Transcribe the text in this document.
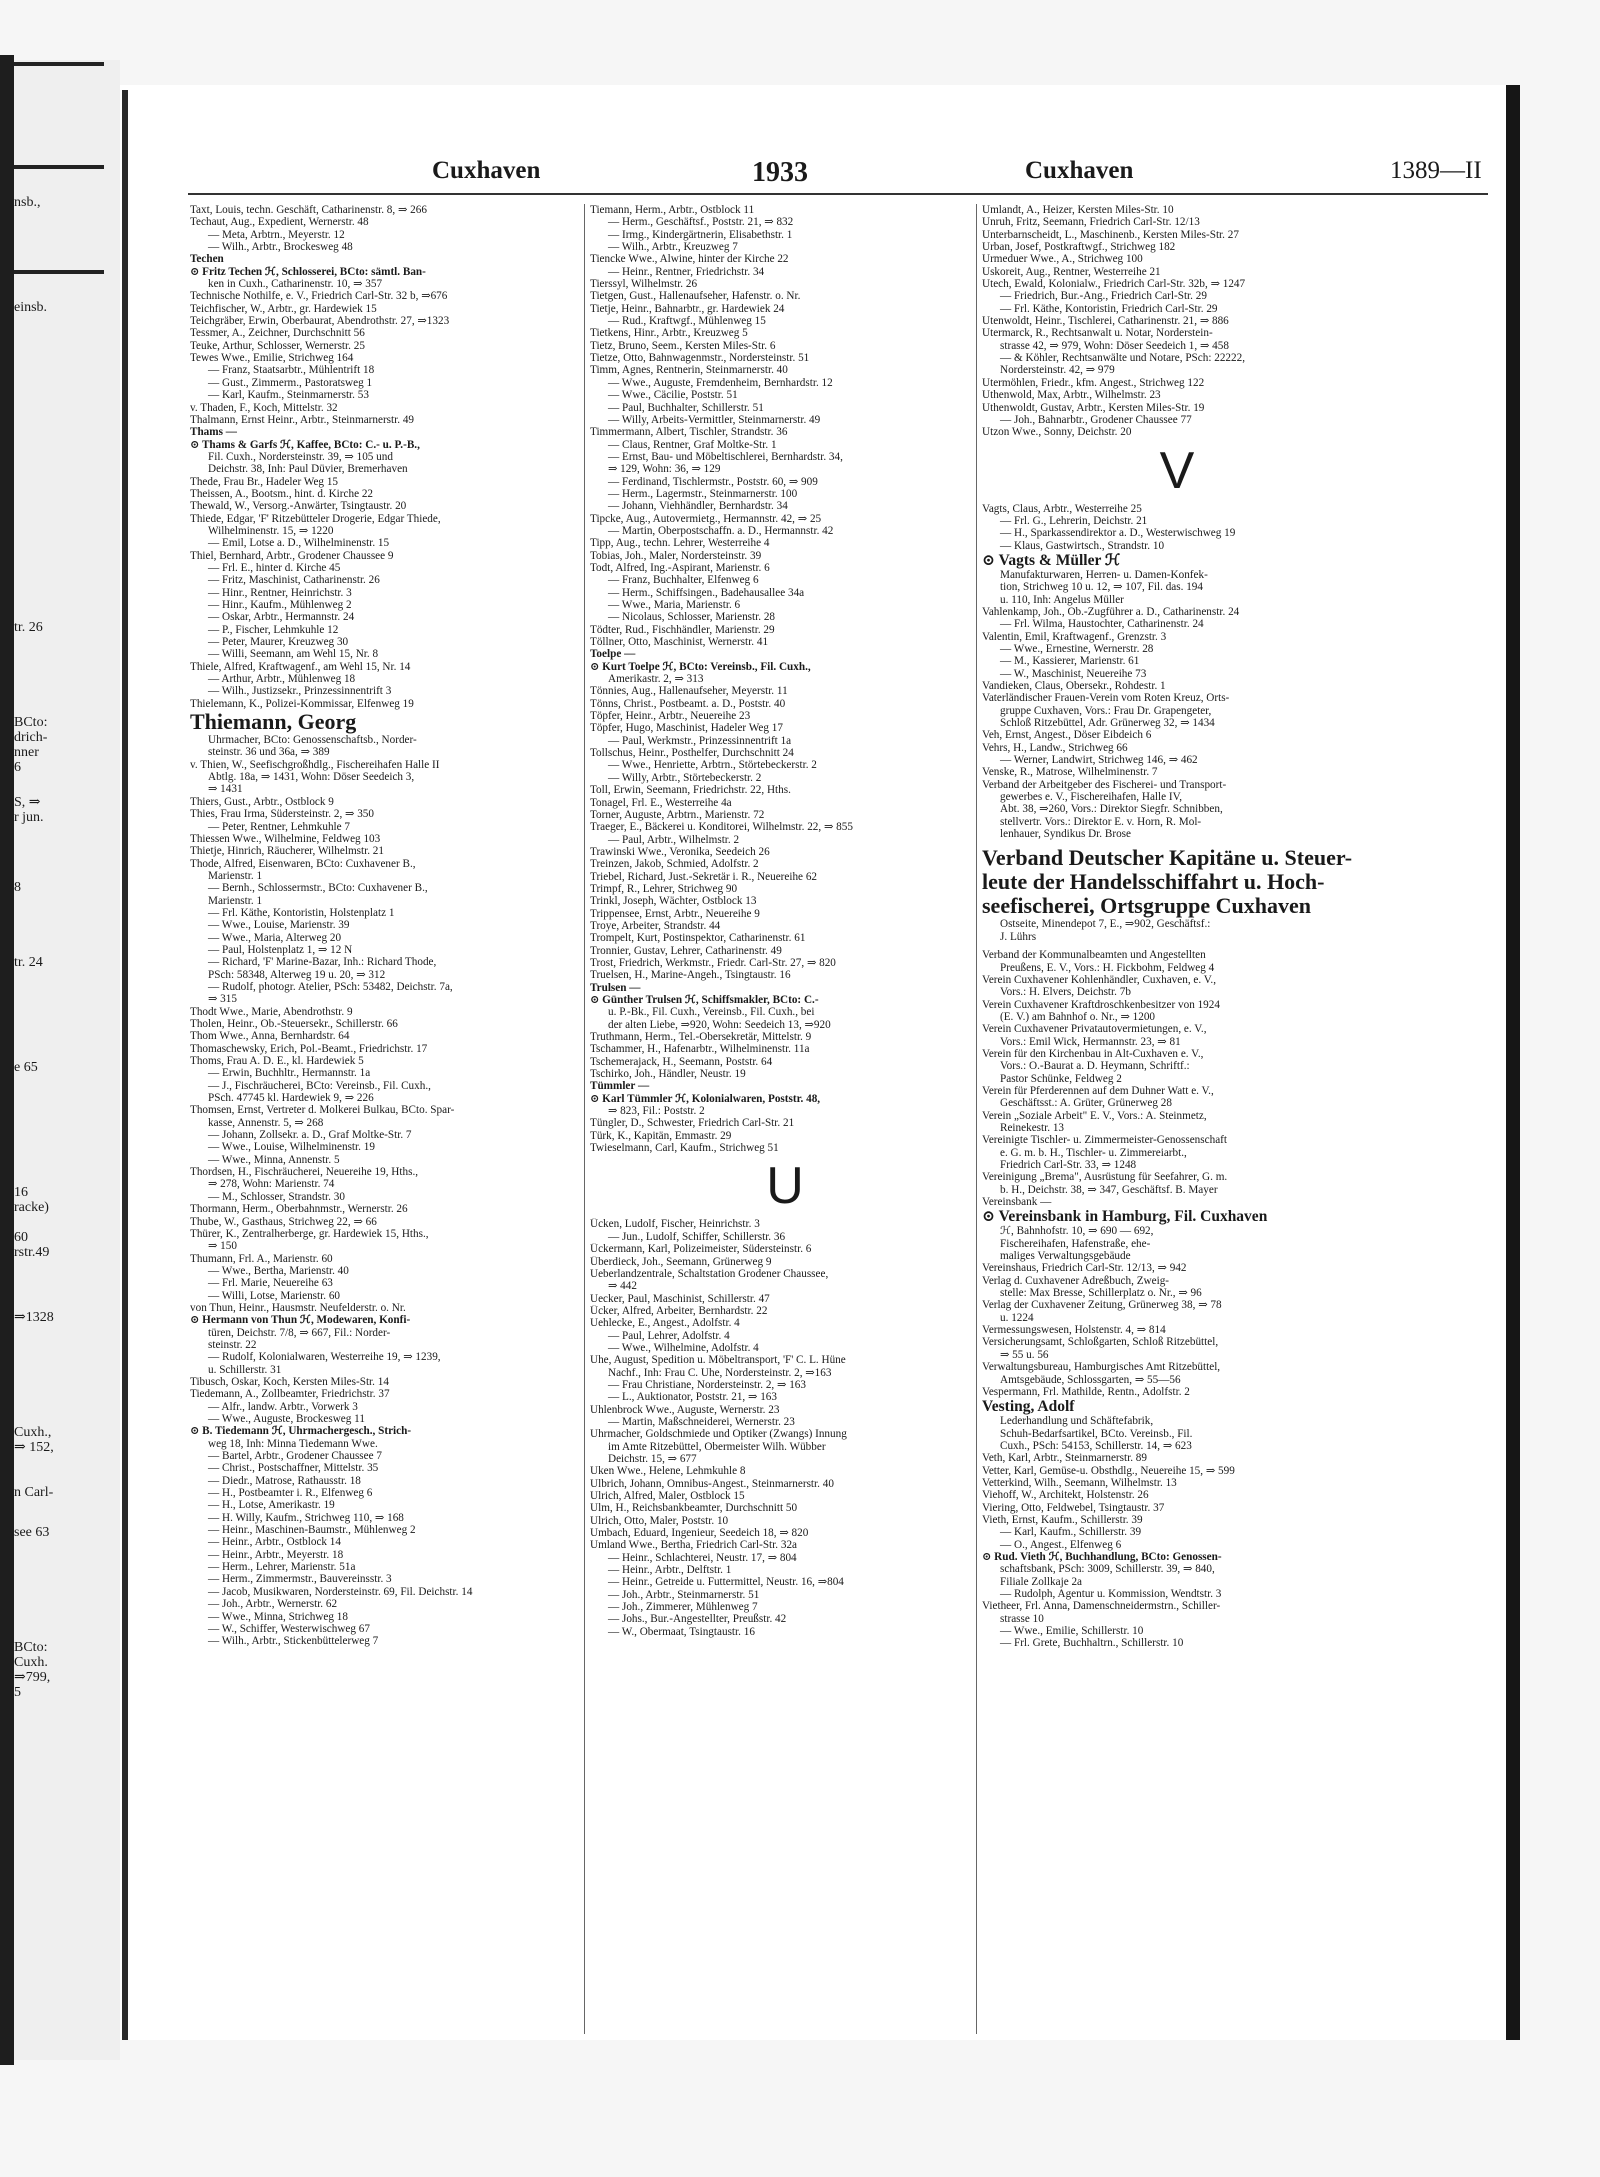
nsb.,
einsb.
tr. 26
BCto:
drich-
nner
6
S, ⇒
r jun.
8
tr. 24
e 65
16
racke)
60
rstr.49
⇒1328
Cuxh.,
⇒ 152,
n Carl-
see 63
BCto:
Cuxh.
⇒799,
5
Cuxhaven	1933	Cuxhaven	1389—II
Taxt, Louis, techn. Geschäft, Catharinenstr. 8, ⇒ 266
Techaut, Aug., Expedient, Wernerstr. 48
— Meta, Arbtrn., Meyerstr. 12
— Wilh., Arbtr., Brockesweg 48
Techen
⊙ Fritz Techen ℋ, Schlosserei, BCto: sämtl. Ban-
ken in Cuxh., Catharinenstr. 10, ⇒ 357
Technische Nothilfe, e. V., Friedrich Carl-Str. 32 b, ⇒676
Teichfischer, W., Arbtr., gr. Hardewiek 15
Teichgräber, Erwin, Oberbaurat, Abendrothstr. 27, ⇒1323
Tessmer, A., Zeichner, Durchschnitt 56
Teuke, Arthur, Schlosser, Wernerstr. 25
Tewes Wwe., Emilie, Strichweg 164
— Franz, Staatsarbtr., Mühlentrift 18
— Gust., Zimmerm., Pastoratsweg 1
— Karl, Kaufm., Steinmarnerstr. 53
v. Thaden, F., Koch, Mittelstr. 32
Thalmann, Ernst Heinr., Arbtr., Steinmarnerstr. 49
Thams —
⊙ Thams & Garfs ℋ, Kaffee, BCto: C.- u. P.-B.,
Fil. Cuxh., Nordersteinstr. 39, ⇒ 105 und
Deichstr. 38, Inh: Paul Düvier, Bremerhaven
Thede, Frau Br., Hadeler Weg 15
Theissen, A., Bootsm., hint. d. Kirche 22
Thewald, W., Versorg.-Anwärter, Tsingtaustr. 20
Thiede, Edgar, 'F' Ritzebütteler Drogerie, Edgar Thiede,
Wilhelminenstr. 15, ⇒ 1220
— Emil, Lotse a. D., Wilhelminenstr. 15
Thiel, Bernhard, Arbtr., Grodener Chaussee 9
— Frl. E., hinter d. Kirche 45
— Fritz, Maschinist, Catharinenstr. 26
— Hinr., Rentner, Heinrichstr. 3
— Hinr., Kaufm., Mühlenweg 2
— Oskar, Arbtr., Hermannstr. 24
— P., Fischer, Lehmkuhle 12
— Peter, Maurer, Kreuzweg 30
— Willi, Seemann, am Wehl 15, Nr. 8
Thiele, Alfred, Kraftwagenf., am Wehl 15, Nr. 14
— Arthur, Arbtr., Mühlenweg 18
— Wilh., Justizsekr., Prinzessinnentrift 3
Thielemann, K., Polizei-Kommissar, Elfenweg 19
Thiemann, Georg
Uhrmacher, BCto: Genossenschaftsb., Norder-
steinstr. 36 und 36a, ⇒ 389
v. Thien, W., Seefischgroßhdlg., Fischereihafen Halle II
Abtlg. 18a, ⇒ 1431, Wohn: Döser Seedeich 3,
⇒ 1431
Thiers, Gust., Arbtr., Ostblock 9
Thies, Frau Irma, Südersteinstr. 2, ⇒ 350
— Peter, Rentner, Lehmkuhle 7
Thiessen Wwe., Wilhelmine, Feldweg 103
Thietje, Hinrich, Räucherer, Wilhelmstr. 21
Thode, Alfred, Eisenwaren, BCto: Cuxhavener B.,
Marienstr. 1
— Bernh., Schlossermstr., BCto: Cuxhavener B.,
Marienstr. 1
— Frl. Käthe, Kontoristin, Holstenplatz 1
— Wwe., Louise, Marienstr. 39
— Wwe., Maria, Alterweg 20
— Paul, Holstenplatz 1, ⇒ 12 N
— Richard, 'F' Marine-Bazar, Inh.: Richard Thode,
PSch: 58348, Alterweg 19 u. 20, ⇒ 312
— Rudolf, photogr. Atelier, PSch: 53482, Deichstr. 7a,
⇒ 315
Thodt Wwe., Marie, Abendrothstr. 9
Tholen, Heinr., Ob.-Steuersekr., Schillerstr. 66
Thom Wwe., Anna, Bernhardstr. 64
Thomaschewsky, Erich, Pol.-Beamt., Friedrichstr. 17
Thoms, Frau A. D. E., kl. Hardewiek 5
— Erwin, Buchhltr., Hermannstr. 1a
— J., Fischräucherei, BCto: Vereinsb., Fil. Cuxh.,
PSch. 47745 kl. Hardewiek 9, ⇒ 226
Thomsen, Ernst, Vertreter d. Molkerei Bulkau, BCto. Spar-
kasse, Annenstr. 5, ⇒ 268
— Johann, Zollsekr. a. D., Graf Moltke-Str. 7
— Wwe., Louise, Wilhelminenstr. 19
— Wwe., Minna, Annenstr. 5
Thordsen, H., Fischräucherei, Neuereihe 19, Hths.,
⇒ 278, Wohn: Marienstr. 74
— M., Schlosser, Strandstr. 30
Thormann, Herm., Oberbahnmstr., Wernerstr. 26
Thube, W., Gasthaus, Strichweg 22, ⇒ 66
Thürer, K., Zentralherberge, gr. Hardewiek 15, Hths.,
⇒ 150
Thumann, Frl. A., Marienstr. 60
— Wwe., Bertha, Marienstr. 40
— Frl. Marie, Neuereihe 63
— Willi, Lotse, Marienstr. 60
von Thun, Heinr., Hausmstr. Neufelderstr. o. Nr.
⊙ Hermann von Thun ℋ, Modewaren, Konfi-
türen, Deichstr. 7/8, ⇒ 667, Fil.: Norder-
steinstr. 22
— Rudolf, Kolonialwaren, Westerreihe 19, ⇒ 1239,
u. Schillerstr. 31
Tibusch, Oskar, Koch, Kersten Miles-Str. 14
Tiedemann, A., Zollbeamter, Friedrichstr. 37
— Alfr., landw. Arbtr., Vorwerk 3
— Wwe., Auguste, Brockesweg 11
⊙ B. Tiedemann ℋ, Uhrmachergesch., Strich-
weg 18, Inh: Minna Tiedemann Wwe.
— Bartel, Arbtr., Grodener Chaussee 7
— Christ., Postschaffner, Mittelstr. 35
— Diedr., Matrose, Rathausstr. 18
— H., Postbeamter i. R., Elfenweg 6
— H., Lotse, Amerikastr. 19
— H. Willy, Kaufm., Strichweg 110, ⇒ 168
— Heinr., Maschinen-Baumstr., Mühlenweg 2
— Heinr., Arbtr., Ostblock 14
— Heinr., Arbtr., Meyerstr. 18
— Herm., Lehrer, Marienstr. 51a
— Herm., Zimmermstr., Bauvereinsstr. 3
— Jacob, Musikwaren, Nordersteinstr. 69, Fil. Deichstr. 14
— Joh., Arbtr., Wernerstr. 62
— Wwe., Minna, Strichweg 18
— W., Schiffer, Westerwischweg 67
— Wilh., Arbtr., Stickenbüttelerweg 7
Tiemann, Herm., Arbtr., Ostblock 11
— Herm., Geschäftsf., Poststr. 21, ⇒ 832
— Irmg., Kindergärtnerin, Elisabethstr. 1
— Wilh., Arbtr., Kreuzweg 7
Tiencke Wwe., Alwine, hinter der Kirche 22
— Heinr., Rentner, Friedrichstr. 34
Tierssyl, Wilhelmstr. 26
Tietgen, Gust., Hallenaufseher, Hafenstr. o. Nr.
Tietje, Heinr., Bahnarbtr., gr. Hardewiek 24
— Rud., Kraftwgf., Mühlenweg 15
Tietkens, Hinr., Arbtr., Kreuzweg 5
Tietz, Bruno, Seem., Kersten Miles-Str. 6
Tietze, Otto, Bahnwagenmstr., Nordersteinstr. 51
Timm, Agnes, Rentnerin, Steinmarnerstr. 40
— Wwe., Auguste, Fremdenheim, Bernhardstr. 12
— Wwe., Cäcilie, Poststr. 51
— Paul, Buchhalter, Schillerstr. 51
— Willy, Arbeits-Vermittler, Steinmarnerstr. 49
Timmermann, Albert, Tischler, Strandstr. 36
— Claus, Rentner, Graf Moltke-Str. 1
— Ernst, Bau- und Möbeltischlerei, Bernhardstr. 34,
⇒ 129, Wohn: 36, ⇒ 129
— Ferdinand, Tischlermstr., Poststr. 60, ⇒ 909
— Herm., Lagermstr., Steinmarnerstr. 100
— Johann, Viehhändler, Bernhardstr. 34
Tipcke, Aug., Autovermietg., Hermannstr. 42, ⇒ 25
— Martin, Oberpostschaffn. a. D., Hermannstr. 42
Tipp, Aug., techn. Lehrer, Westerreihe 4
Tobias, Joh., Maler, Nordersteinstr. 39
Todt, Alfred, Ing.-Aspirant, Marienstr. 6
— Franz, Buchhalter, Elfenweg 6
— Herm., Schiffsingen., Badehausallee 34a
— Wwe., Maria, Marienstr. 6
— Nicolaus, Schlosser, Marienstr. 28
Tödter, Rud., Fischhändler, Marienstr. 29
Töllner, Otto, Maschinist, Wernerstr. 41
Toelpe —
⊙ Kurt Toelpe ℋ, BCto: Vereinsb., Fil. Cuxh.,
Amerikastr. 2, ⇒ 313
Tönnies, Aug., Hallenaufseher, Meyerstr. 11
Tönns, Christ., Postbeamt. a. D., Poststr. 40
Töpfer, Heinr., Arbtr., Neuereihe 23
Töpfer, Hugo, Maschinist, Hadeler Weg 17
— Paul, Werkmstr., Prinzessinnentrift 1a
Tollschus, Heinr., Posthelfer, Durchschnitt 24
— Wwe., Henriette, Arbtrn., Störtebeckerstr. 2
— Willy, Arbtr., Störtebeckerstr. 2
Toll, Erwin, Seemann, Friedrichstr. 22, Hths.
Tonagel, Frl. E., Westerreihe 4a
Torner, Auguste, Arbtrn., Marienstr. 72
Traeger, E., Bäckerei u. Konditorei, Wilhelmstr. 22, ⇒ 855
— Paul, Arbtr., Wilhelmstr. 2
Trawinski Wwe., Veronika, Seedeich 26
Treinzen, Jakob, Schmied, Adolfstr. 2
Triebel, Richard, Just.-Sekretär i. R., Neuereihe 62
Trimpf, R., Lehrer, Strichweg 90
Trinkl, Joseph, Wächter, Ostblock 13
Trippensee, Ernst, Arbtr., Neuereihe 9
Troye, Arbeiter, Strandstr. 44
Trompelt, Kurt, Postinspektor, Catharinenstr. 61
Tronnier, Gustav, Lehrer, Catharinenstr. 49
Trost, Friedrich, Werkmstr., Friedr. Carl-Str. 27, ⇒ 820
Truelsen, H., Marine-Angeh., Tsingtaustr. 16
Trulsen —
⊙ Günther Trulsen ℋ, Schiffsmakler, BCto: C.-
u. P.-Bk., Fil. Cuxh., Vereinsb., Fil. Cuxh., bei
der alten Liebe, ⇒920, Wohn: Seedeich 13, ⇒920
Truthmann, Herm., Tel.-Obersekretär, Mittelstr. 9
Tschammer, H., Hafenarbtr., Wilhelminenstr. 11a
Tschemerajack, H., Seemann, Poststr. 64
Tschirko, Joh., Händler, Neustr. 19
Tümmler —
⊙ Karl Tümmler ℋ, Kolonialwaren, Poststr. 48,
⇒ 823, Fil.: Poststr. 2
Tüngler, D., Schwester, Friedrich Carl-Str. 21
Türk, K., Kapitän, Emmastr. 29
Twieselmann, Carl, Kaufm., Strichweg 51
U
Ücken, Ludolf, Fischer, Heinrichstr. 3
— Jun., Ludolf, Schiffer, Schillerstr. 36
Ückermann, Karl, Polizeimeister, Südersteinstr. 6
Überdieck, Joh., Seemann, Grünerweg 9
Ueberlandzentrale, Schaltstation Grodener Chaussee,
⇒ 442
Uecker, Paul, Maschinist, Schillerstr. 47
Ücker, Alfred, Arbeiter, Bernhardstr. 22
Uehlecke, E., Angest., Adolfstr. 4
— Paul, Lehrer, Adolfstr. 4
— Wwe., Wilhelmine, Adolfstr. 4
Uhe, August, Spedition u. Möbeltransport, 'F' C. L. Hüne
Nachf., Inh: Frau C. Uhe, Nordersteinstr. 2, ⇒163
— Frau Christiane, Nordersteinstr. 2, ⇒ 163
— L., Auktionator, Poststr. 21, ⇒ 163
Uhlenbrock Wwe., Auguste, Wernerstr. 23
— Martin, Maßschneiderei, Wernerstr. 23
Uhrmacher, Goldschmiede und Optiker (Zwangs) Innung
im Amte Ritzebüttel, Obermeister Wilh. Wübber
Deichstr. 15, ⇒ 677
Uken Wwe., Helene, Lehmkuhle 8
Ulbrich, Johann, Omnibus-Angest., Steinmarnerstr. 40
Ulrich, Alfred, Maler, Ostblock 15
Ulm, H., Reichsbankbeamter, Durchschnitt 50
Ulrich, Otto, Maler, Poststr. 10
Umbach, Eduard, Ingenieur, Seedeich 18, ⇒ 820
Umland Wwe., Bertha, Friedrich Carl-Str. 32a
— Heinr., Schlachterei, Neustr. 17, ⇒ 804
— Heinr., Arbtr., Delftstr. 1
— Heinr., Getreide u. Futtermittel, Neustr. 16, ⇒804
— Joh., Arbtr., Steinmarnerstr. 51
— Joh., Zimmerer, Mühlenweg 7
— Johs., Bur.-Angestellter, Preußstr. 42
— W., Obermaat, Tsingtaustr. 16
Umlandt, A., Heizer, Kersten Miles-Str. 10
Unruh, Fritz, Seemann, Friedrich Carl-Str. 12/13
Unterbarnscheidt, L., Maschinenb., Kersten Miles-Str. 27
Urban, Josef, Postkraftwgf., Strichweg 182
Urmeduer Wwe., A., Strichweg 100
Uskoreit, Aug., Rentner, Westerreihe 21
Utech, Ewald, Kolonialw., Friedrich Carl-Str. 32b, ⇒ 1247
— Friedrich, Bur.-Ang., Friedrich Carl-Str. 29
— Frl. Käthe, Kontoristin, Friedrich Carl-Str. 29
Utenwoldt, Heinr., Tischlerei, Catharinenstr. 21, ⇒ 886
Utermarck, R., Rechtsanwalt u. Notar, Norderstein-
strasse 42, ⇒ 979, Wohn: Döser Seedeich 1, ⇒ 458
— & Köhler, Rechtsanwälte und Notare, PSch: 22222,
Nordersteinstr. 42, ⇒ 979
Utermöhlen, Friedr., kfm. Angest., Strichweg 122
Uthenwold, Max, Arbtr., Wilhelmstr. 23
Uthenwoldt, Gustav, Arbtr., Kersten Miles-Str. 19
— Joh., Bahnarbtr., Grodener Chaussee 77
Utzon Wwe., Sonny, Deichstr. 20
V
Vagts, Claus, Arbtr., Westerreihe 25
— Frl. G., Lehrerin, Deichstr. 21
— H., Sparkassendirektor a. D., Westerwischweg 19
— Klaus, Gastwirtsch., Strandstr. 10
⊙ Vagts & Müller ℋ
Manufakturwaren, Herren- u. Damen-Konfek-
tion, Strichweg 10 u. 12, ⇒ 107, Fil. das. 194
u. 110, Inh: Angelus Müller
Vahlenkamp, Joh., Ob.-Zugführer a. D., Catharinenstr. 24
— Frl. Wilma, Haustochter, Catharinenstr. 24
Valentin, Emil, Kraftwagenf., Grenzstr. 3
— Wwe., Ernestine, Wernerstr. 28
— M., Kassierer, Marienstr. 61
— W., Maschinist, Neuereihe 73
Vandieken, Claus, Obersekr., Rohdestr. 1
Vaterländischer Frauen-Verein vom Roten Kreuz, Orts-
gruppe Cuxhaven, Vors.: Frau Dr. Grapengeter,
Schloß Ritzebüttel, Adr. Grünerweg 32, ⇒ 1434
Veh, Ernst, Angest., Döser Eibdeich 6
Vehrs, H., Landw., Strichweg 66
— Werner, Landwirt, Strichweg 146, ⇒ 462
Venske, R., Matrose, Wilhelminenstr. 7
Verband der Arbeitgeber des Fischerei- und Transport-
gewerbes e. V., Fischereihafen, Halle IV,
Abt. 38, ⇒260, Vors.: Direktor Siegfr. Schnibben,
stellvertr. Vors.: Direktor E. v. Horn, R. Mol-
lenhauer, Syndikus Dr. Brose
Verband Deutscher Kapitäne u. Steuer-
leute der Handelsschiffahrt u. Hoch-
seefischerei, Ortsgruppe Cuxhaven
Ostseite, Minendepot 7, E., ⇒902, Geschäftsf.:
J. Lührs
Verband der Kommunalbeamten und Angestellten
Preußens, E. V., Vors.: H. Fickbohm, Feldweg 4
Verein Cuxhavener Kohlenhändler, Cuxhaven, e. V.,
Vors.: H. Elvers, Deichstr. 7b
Verein Cuxhavener Kraftdroschkenbesitzer von 1924
(E. V.) am Bahnhof o. Nr., ⇒ 1200
Verein Cuxhavener Privatautovermietungen, e. V.,
Vors.: Emil Wick, Hermannstr. 23, ⇒ 81
Verein für den Kirchenbau in Alt-Cuxhaven e. V.,
Vors.: O.-Baurat a. D. Heymann, Schriftf.:
Pastor Schünke, Feldweg 2
Verein für Pferderennen auf dem Duhner Watt e. V.,
Geschäftsst.: A. Grüter, Grünerweg 28
Verein „Soziale Arbeit" E. V., Vors.: A. Steinmetz,
Reinekestr. 13
Vereinigte Tischler- u. Zimmermeister-Genossenschaft
e. G. m. b. H., Tischler- u. Zimmereiarbt.,
Friedrich Carl-Str. 33, ⇒ 1248
Vereinigung „Brema", Ausrüstung für Seefahrer, G. m.
b. H., Deichstr. 38, ⇒ 347, Geschäftsf. B. Mayer
Vereinsbank —
⊙ Vereinsbank in Hamburg, Fil. Cuxhaven
ℋ, Bahnhofstr. 10, ⇒ 690 — 692,
Fischereihafen, Hafenstraße, ehe-
maliges Verwaltungsgebäude
Vereinshaus, Friedrich Carl-Str. 12/13, ⇒ 942
Verlag d. Cuxhavener Adreßbuch, Zweig-
stelle: Max Bresse, Schillerplatz o. Nr., ⇒ 96
Verlag der Cuxhavener Zeitung, Grünerweg 38, ⇒ 78
u. 1224
Vermessungswesen, Holstenstr. 4, ⇒ 814
Versicherungsamt, Schloßgarten, Schloß Ritzebüttel,
⇒ 55 u. 56
Verwaltungsbureau, Hamburgisches Amt Ritzebüttel,
Amtsgebäude, Schlossgarten, ⇒ 55—56
Vespermann, Frl. Mathilde, Rentn., Adolfstr. 2
Vesting, Adolf
Lederhandlung und Schäftefabrik,
Schuh-Bedarfsartikel, BCto. Vereinsb., Fil.
Cuxh., PSch: 54153, Schillerstr. 14, ⇒ 623
Veth, Karl, Arbtr., Steinmarnerstr. 89
Vetter, Karl, Gemüse-u. Obsthdlg., Neuereihe 15, ⇒ 599
Vetterkind, Wilh., Seemann, Wilhelmstr. 13
Viehoff, W., Architekt, Holstenstr. 26
Viering, Otto, Feldwebel, Tsingtaustr. 37
Vieth, Ernst, Kaufm., Schillerstr. 39
— Karl, Kaufm., Schillerstr. 39
— O., Angest., Elfenweg 6
⊙ Rud. Vieth ℋ, Buchhandlung, BCto: Genossen-
schaftsbank, PSch: 3009, Schillerstr. 39, ⇒ 840,
Filiale Zollkaje 2a
— Rudolph, Agentur u. Kommission, Wendtstr. 3
Vietheer, Frl. Anna, Damenschneidermstrn., Schiller-
strasse 10
— Wwe., Emilie, Schillerstr. 10
— Frl. Grete, Buchhaltrn., Schillerstr. 10
